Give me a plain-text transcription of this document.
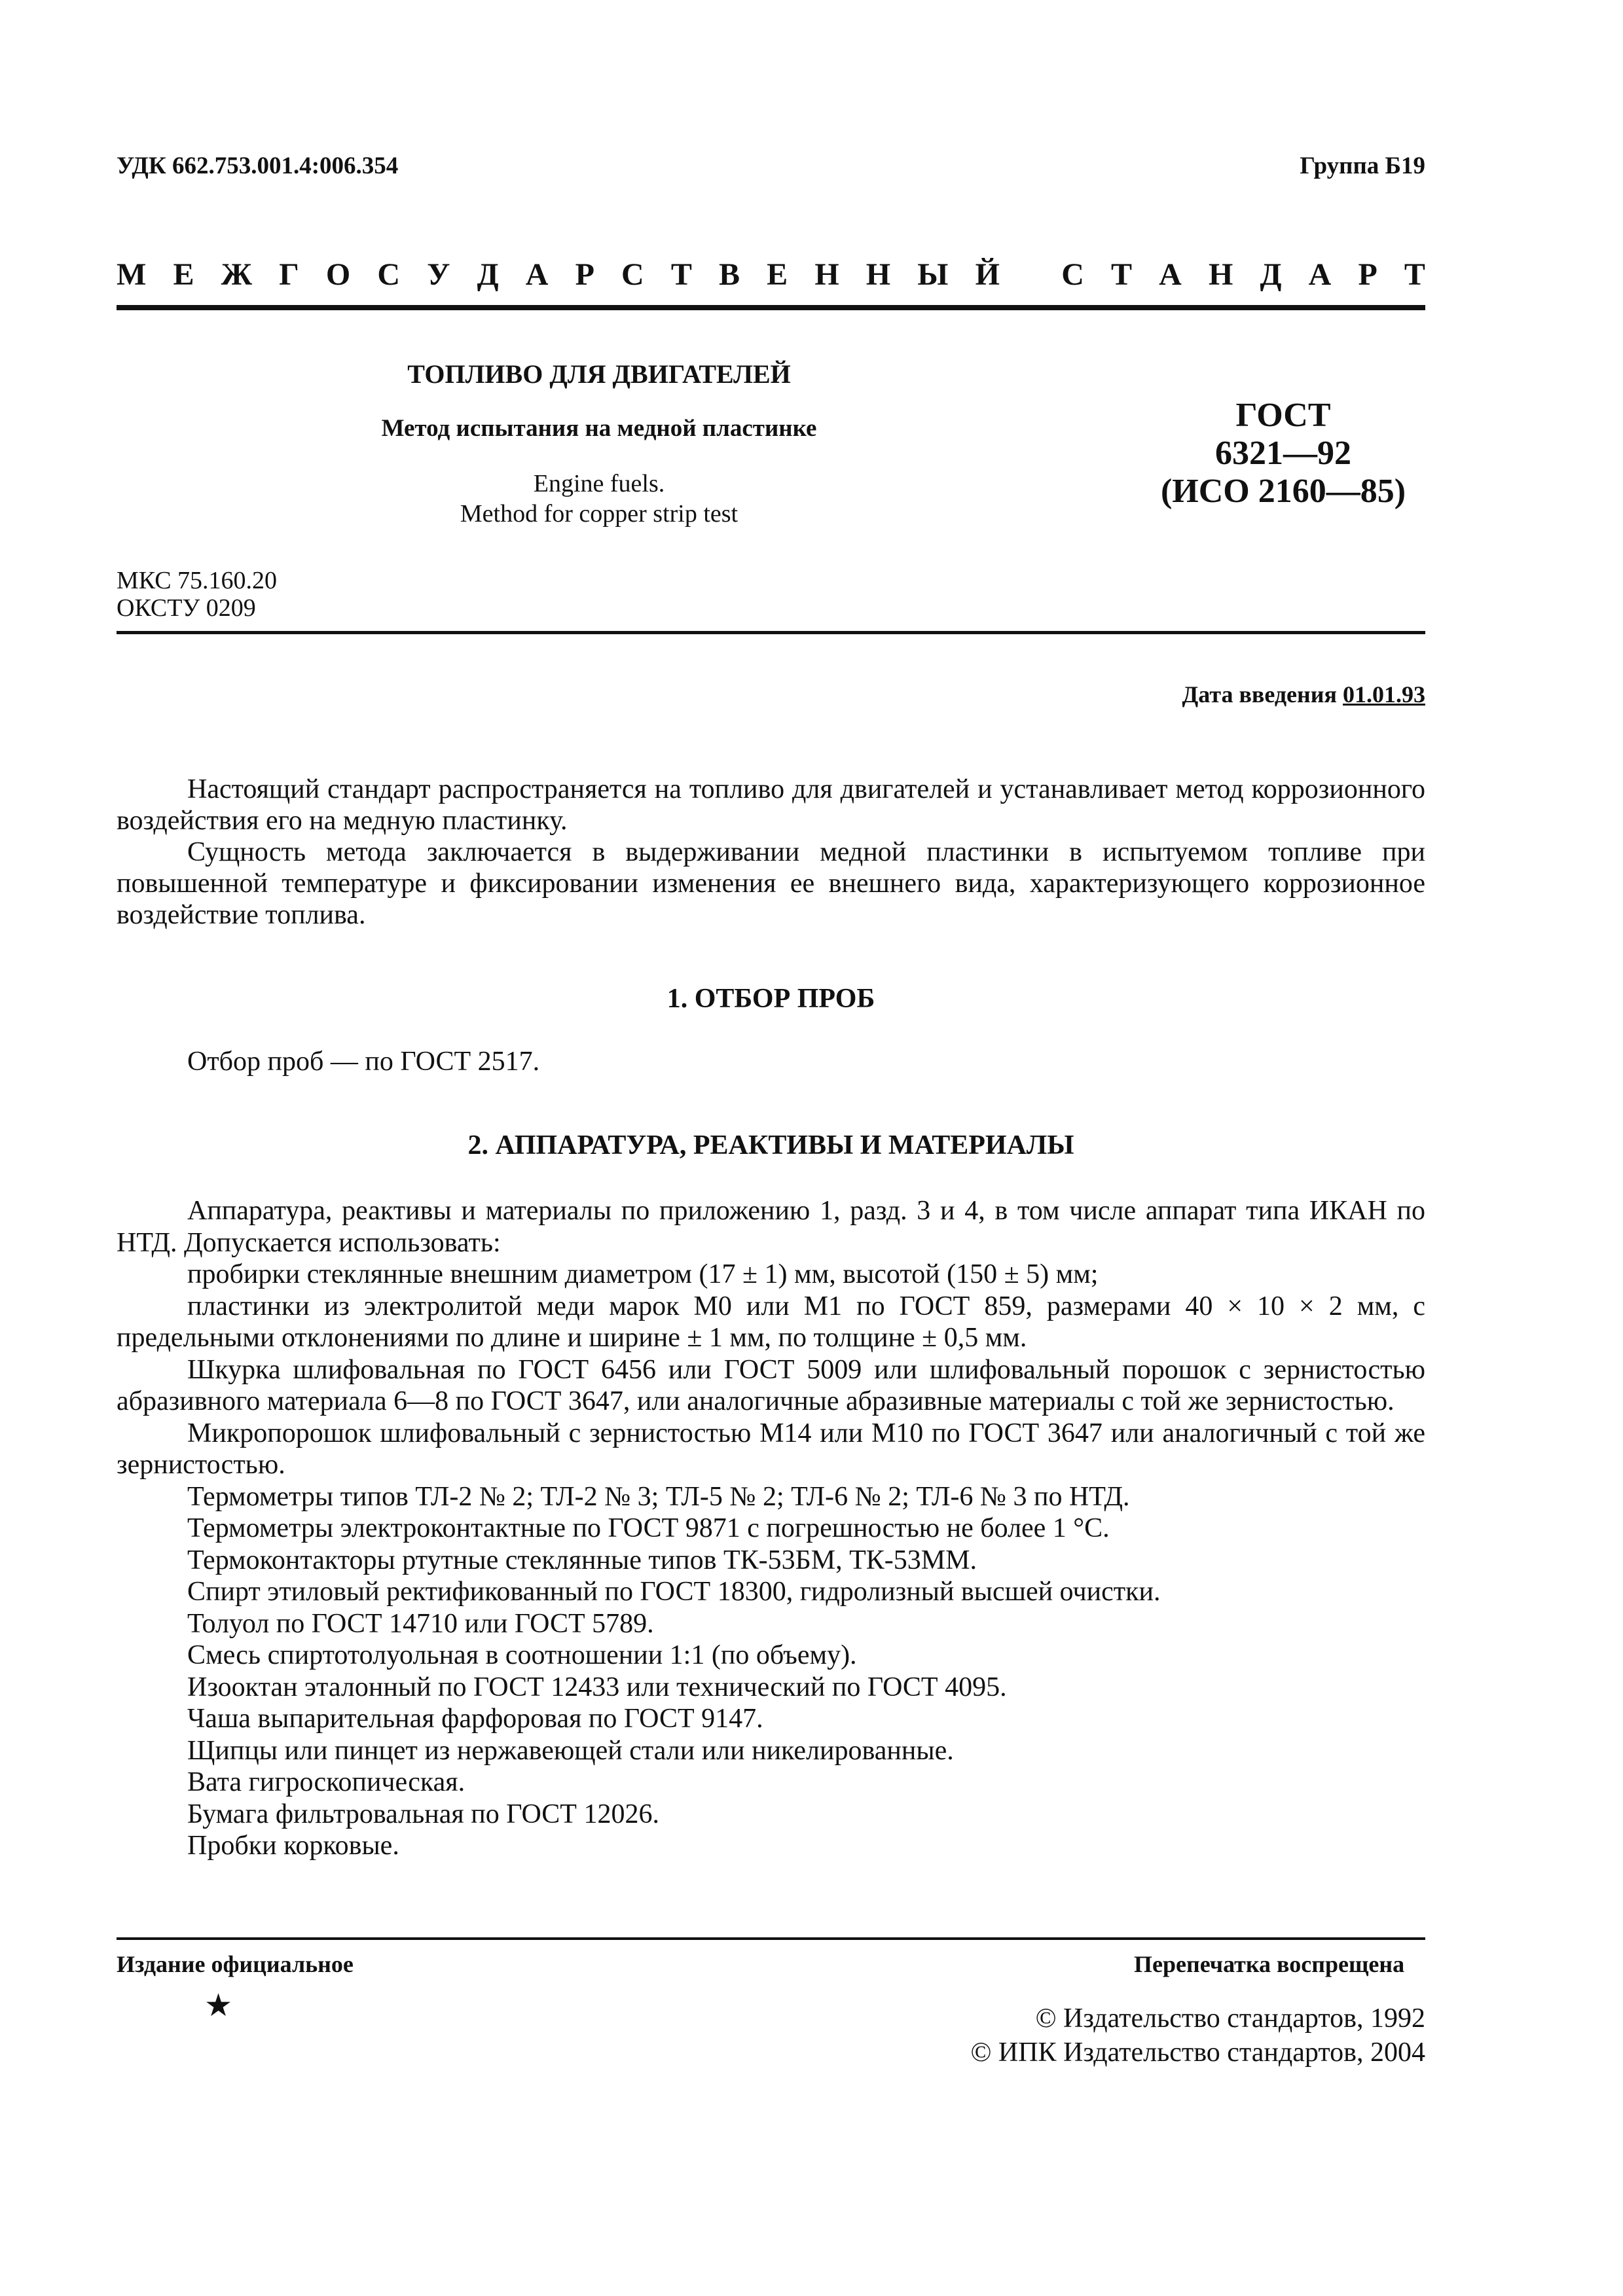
УДК 662.753.001.4:006.354	Группа Б19
М Е Ж Г О С У Д А Р С Т В Е Н Н Ы Й
С Т А Н Д А Р Т
ТОПЛИВО ДЛЯ ДВИГАТЕЛЕЙ
Метод испытания на медной пластинке
Engine fuels.
Method for copper strip test
ГОСТ
6321—92
(ИСО 2160—85)
МКС 75.160.20
ОКСТУ 0209
Дата введения 01.01.93

Настоящий стандарт распространяется на топливо для двигателей и устанавливает метод коррозионного воздействия его на медную пластинку.

Сущность метода заключается в выдерживании медной пластинки в испытуемом топливе при повышенной температуре и фиксировании изменения ее внешнего вида, характеризующего коррозионное воздействие топлива.

1. ОТБОР ПРОБ

Отбор проб — по ГОСТ 2517.

2. АППАРАТУРА, РЕАКТИВЫ И МАТЕРИАЛЫ

Аппаратура, реактивы и материалы по приложению 1, разд. 3 и 4, в том числе аппарат типа ИКАН по НТД. Допускается использовать:

пробирки стеклянные внешним диаметром (17 ± 1) мм, высотой (150 ± 5) мм;

пластинки из электролитой меди марок М0 или М1 по ГОСТ 859, размерами 40 × 10 × 2 мм, с предельными отклонениями по длине и ширине ± 1 мм, по толщине ± 0,5 мм.

Шкурка шлифовальная по ГОСТ 6456 или ГОСТ 5009 или шлифовальный порошок с зернистостью абразивного материала 6—8 по ГОСТ 3647, или аналогичные абразивные материалы с той же зернистостью.

Микропорошок шлифовальный с зернистостью М14 или М10 по ГОСТ 3647 или аналогичный с той же зернистостью.

Термометры типов ТЛ-2 № 2; ТЛ-2 № 3; ТЛ-5 № 2; ТЛ-6 № 2; ТЛ-6 № 3 по НТД.

Термометры электроконтактные по ГОСТ 9871 с погрешностью не более 1 °С.

Термоконтакторы ртутные стеклянные типов ТК-53БМ, ТК-53ММ.

Спирт этиловый ректификованный по ГОСТ 18300, гидролизный высшей очистки.

Толуол по ГОСТ 14710 или ГОСТ 5789.

Смесь спиртотолуольная в соотношении 1:1 (по объему).

Изооктан эталонный по ГОСТ 12433 или технический по ГОСТ 4095.

Чаша выпарительная фарфоровая по ГОСТ 9147.

Щипцы или пинцет из нержавеющей стали или никелированные.

Вата гигроскопическая.

Бумага фильтровальная по ГОСТ 12026.

Пробки корковые.

Издание официальное	Перепечатка воспрещена
★	© Издательство стандартов, 1992
© ИПК Издательство стандартов, 2004
